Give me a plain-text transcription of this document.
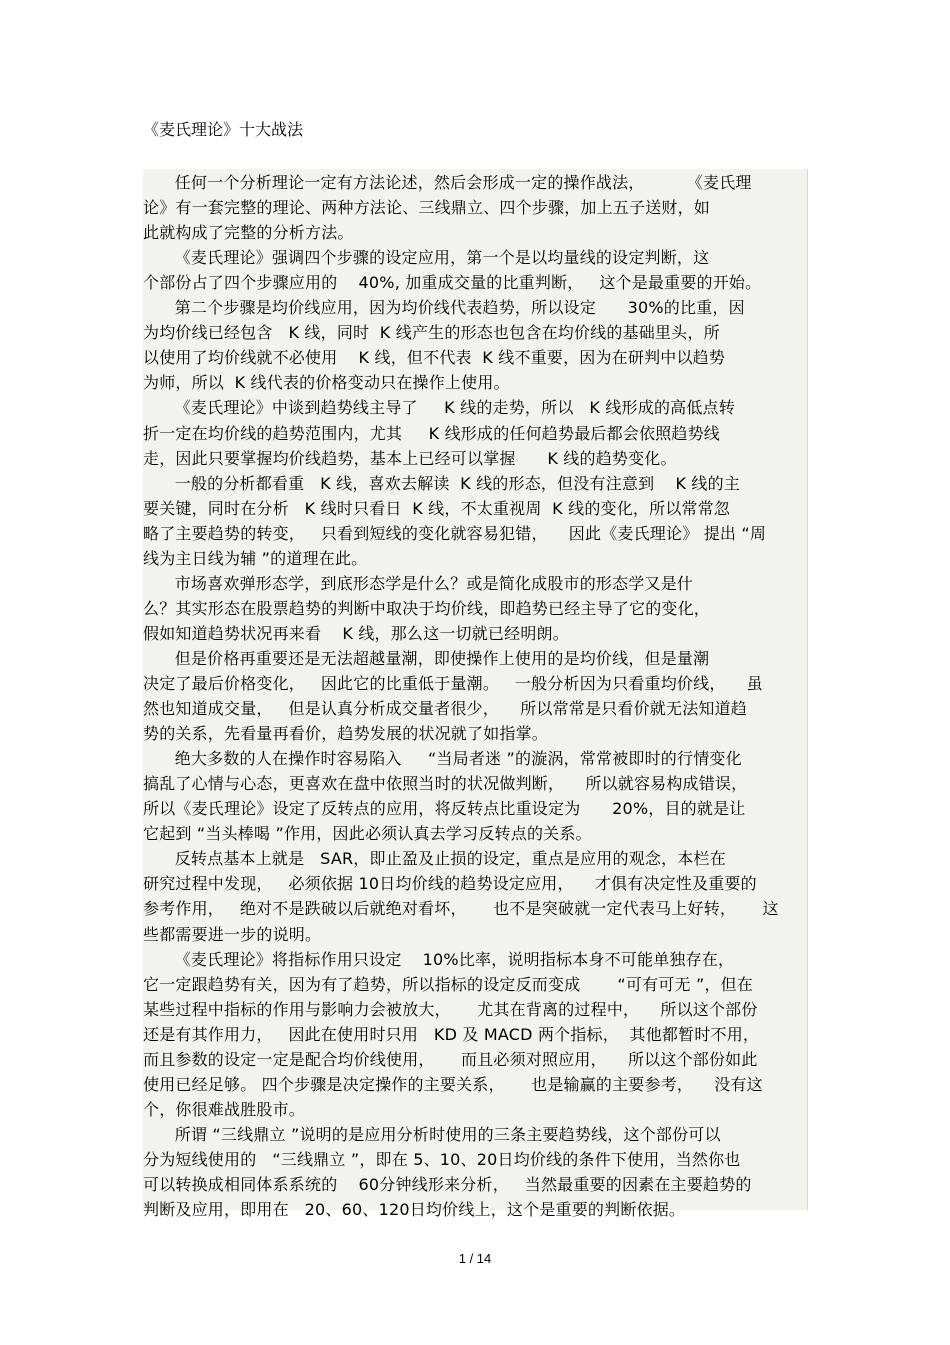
《麦氏理论》十大战法
任何一个分析理论一定有方法论述，然后会形成一定的操作战法，        《麦氏理
论》有一套完整的理论、两种方法论、三线鼎立、四个步骤，加上五子送财，如
此就构成了完整的分析方法。
《麦氏理论》强调四个步骤的设定应用，第一个是以均量线的设定判断，这
个部份占了四个步骤应用的    40%, 加重成交量的比重判断，   这个是最重要的开始。
第二个步骤是均价线应用，因为均价线代表趋势，所以设定      30%的比重，因
为均价线已经包含   K 线，同时  K 线产生的形态也包含在均价线的基础里头，所
以使用了均价线就不必使用    K 线，但不代表  K 线不重要，因为在研判中以趋势
为师，所以  K 线代表的价格变动只在操作上使用。
《麦氏理论》中谈到趋势线主导了     K 线的走势，所以   K 线形成的高低点转
折一定在均价线的趋势范围内，尤其     K 线形成的任何趋势最后都会依照趋势线
走，因此只要掌握均价线趋势，基本上已经可以掌握      K 线的趋势变化。
一般的分析都看重   K 线，喜欢去解读  K 线的形态，但没有注意到    K 线的主
要关键，同时在分析   K 线时只看日  K 线，不太重视周  K 线的变化，所以常常忽
略了主要趋势的转变，   只看到短线的变化就容易犯错，    因此《麦氏理论》 提出 “周
线为主日线为辅 ”的道理在此。
市场喜欢弹形态学，到底形态学是什么？或是简化成股市的形态学又是什
么？其实形态在股票趋势的判断中取决于均价线，即趋势已经主导了它的变化，
假如知道趋势状况再来看    K 线，那么这一切就已经明朗。
但是价格再重要还是无法超越量潮，即使操作上使用的是均价线，但是量潮
决定了最后价格变化，   因此它的比重低于量潮。   一般分析因为只看重均价线，    虽
然也知道成交量，   但是认真分析成交量者很少，    所以常常是只看价就无法知道趋
势的关系，先看量再看价，趋势发展的状况就了如指掌。
绝大多数的人在操作时容易陷入     “当局者迷 ”的漩涡，常常被即时的行情变化
搞乱了心情与心态，更喜欢在盘中依照当时的状况做判断，    所以就容易构成错误，
所以《麦氏理论》设定了反转点的应用，将反转点比重设定为      20%，目的就是让
它起到 “当头棒喝 ”作用，因此必须认真去学习反转点的关系。
反转点基本上就是   SAR，即止盈及止损的设定，重点是应用的观念，本栏在
研究过程中发现，   必须依据 10日均价线的趋势设定应用，    才俱有决定性及重要的
参考作用，   绝对不是跌破以后就绝对看坏，     也不是突破就一定代表马上好转，     这
些都需要进一步的说明。
《麦氏理论》将指标作用只设定    10%比率，说明指标本身不可能单独存在，
它一定跟趋势有关，因为有了趋势，所以指标的设定反而变成       “可有可无 ”，但在
某些过程中指标的作用与影响力会被放大，     尤其在背离的过程中，    所以这个部份
还是有其作用力，   因此在使用时只用   KD 及 MACD 两个指标，  其他都暂时不用，
而且参数的设定一定是配合均价线使用，     而且必须对照应用，    所以这个部份如此
使用已经足够。 四个步骤是决定操作的主要关系，     也是输赢的主要参考，    没有这
个，你很难战胜股市。
所谓 “三线鼎立 ”说明的是应用分析时使用的三条主要趋势线，这个部份可以
分为短线使用的   “三线鼎立 ”，即在 5、10、20日均价线的条件下使用，当然你也
可以转换成相同体系系统的    60分钟线形来分析，   当然最重要的因素在主要趋势的
判断及应用，即用在   20、60、120日均价线上，这个是重要的判断依据。
1 / 14
